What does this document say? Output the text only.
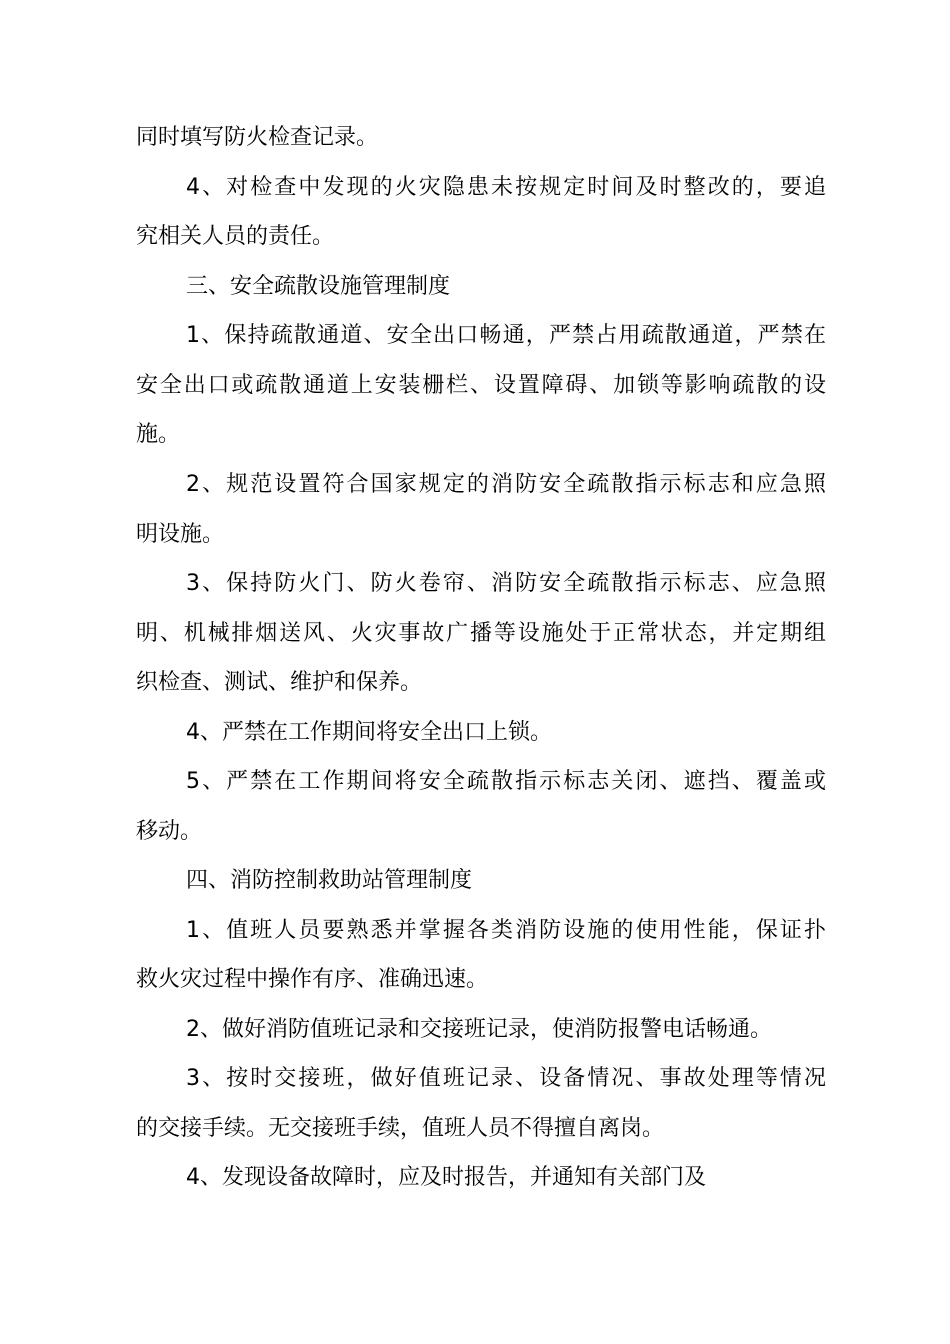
同时填写防火检查记录。

4、对检查中发现的火灾隐患未按规定时间及时整改的，要追

究相关人员的责任。

三、安全疏散设施管理制度

1、保持疏散通道、安全出口畅通，严禁占用疏散通道，严禁在

安全出口或疏散通道上安装栅栏、设置障碍、加锁等影响疏散的设

施。

2、规范设置符合国家规定的消防安全疏散指示标志和应急照

明设施。

3、保持防火门、防火卷帘、消防安全疏散指示标志、应急照

明、机械排烟送风、火灾事故广播等设施处于正常状态，并定期组

织检查、测试、维护和保养。

4、严禁在工作期间将安全出口上锁。

5、严禁在工作期间将安全疏散指示标志关闭、遮挡、覆盖或

移动。

四、消防控制救助站管理制度

1、值班人员要熟悉并掌握各类消防设施的使用性能，保证扑

救火灾过程中操作有序、准确迅速。

2、做好消防值班记录和交接班记录，使消防报警电话畅通。

3、按时交接班，做好值班记录、设备情况、事故处理等情况

的交接手续。无交接班手续，值班人员不得擅自离岗。

4、发现设备故障时，应及时报告，并通知有关部门及
